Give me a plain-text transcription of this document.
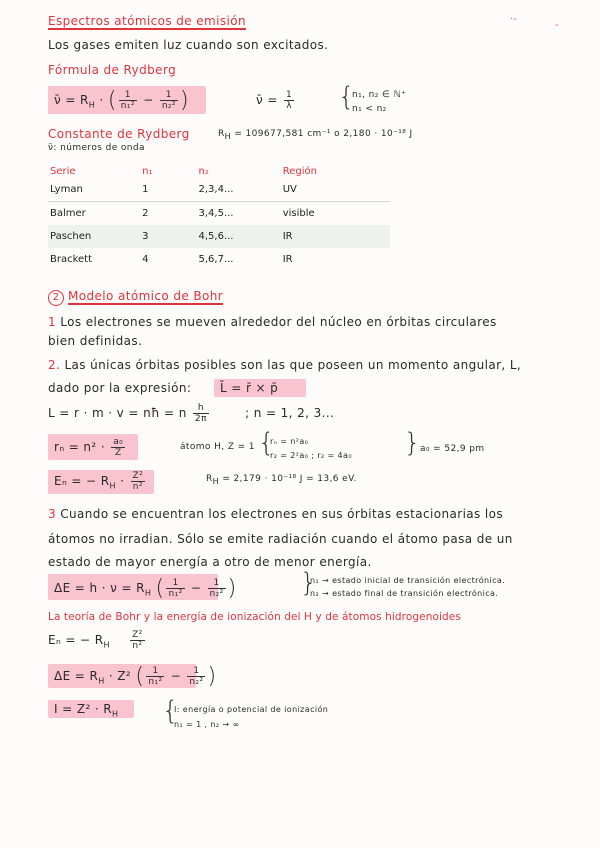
·-
-
Espectros atómicos de emisión
Los gases emiten luz cuando son excitados.
Fórmula de Rydberg
ν̄ = $R_H$ · ( $\frac{1}{\text{n₁²}} - \frac{1}{\text{n₂²}}$ )	ν̄ = $\frac{1}{\lambda}$ {
n₁, n₂ ∈ ℕ⁺
n₁ < n₂
Constante de Rydberg	$R_H = 109677,581$ cm⁻¹ o 2,180 · 10⁻¹⁸ J
ν̄: números de onda
Serie	n₁	n₂	Región
Lyman	1	2,3,4...	UV
Balmer	2	3,4,5...	visible
Paschen	3	4,5,6...	IR
Brackett	4	5,6,7...	IR
2 Modelo atómico de Bohr
1 Los electrones se mueven alrededor del núcleo en órbitas circulares
bien definidas.
2. Las únicas órbitas posibles son las que poseen un momento angular, L,
dado por la expresión: L̄ = r̄ × p̄
L = r · m · v = nħ = n $\frac{h}{2\pi}$	; n = 1, 2, 3...
$r_n = n^2 \cdot \frac{\text{a₀}}{Z}$	átomo H, Z = 1 {
rₙ = n²a₀
r₂ = 2²a₀ ; r₂ = 4a₀ } a₀ = 52,9 pm
Eₙ = − $R_H \cdot \frac{\text{Z²}}{\text{n²}}$	$R_H = 2,179 \cdot 10^{-18}$ J = 13,6 eV.
3 Cuando se encuentran los electrones en sus órbitas estacionarias los
átomos no irradian. Sólo se emite radiación cuando el átomo pasa de un
estado de mayor energía a otro de menor energía.
$\Delta E = h \cdot \nu = R_H$ ( $\frac{1}{\text{n₁²}} - \frac{1}{\text{n₂²}}$ ) }
n₁ → estado inicial de transición electrónica.
n₂ → estado final de transición electrónica.
La teoría de Bohr y la energía de ionización del H y de átomos hidrogenoides
Eₙ = − $R_H \frac{\text{Z²}}{\text{n²}}$
$\Delta E = R_H \cdot Z^2$ ( $\frac{1}{\text{n₁²}} - \frac{1}{\text{n₂²}}$ )
$I = Z^2 \cdot R_H$ {
I: energía o potencial de ionización
n₁ = 1 , n₂ → ∞
